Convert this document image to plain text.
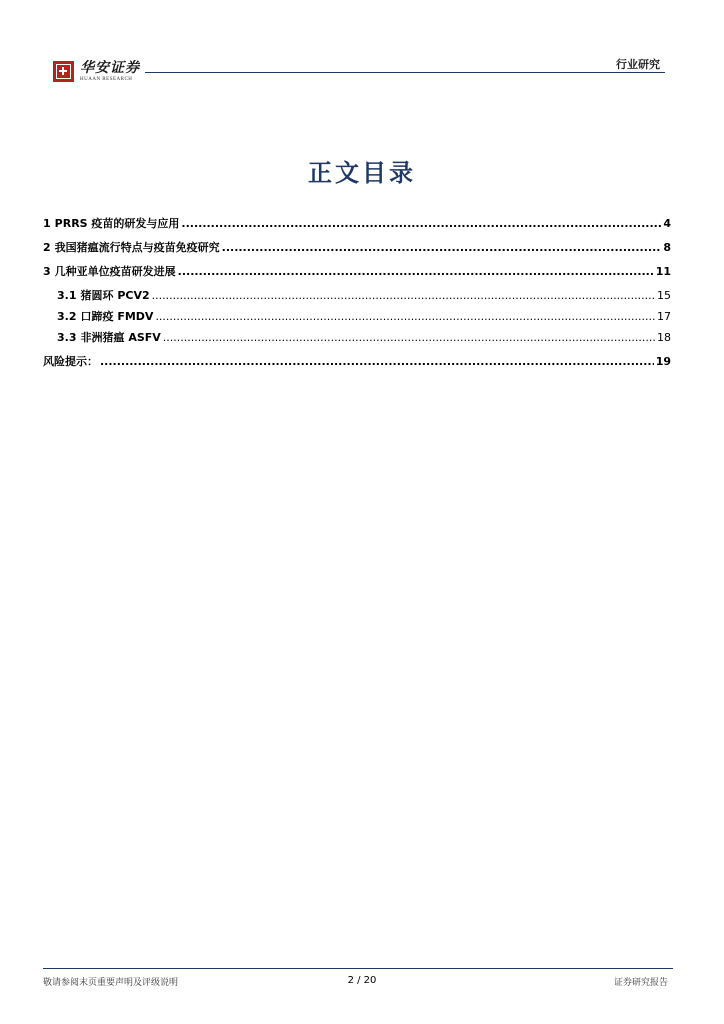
华安证券
HUAAN RESEARCH
行业研究
正文目录
1 PRRS 疫苗的研发与应用 .....	4
2 我国猪瘟流行特点与疫苗免疫研究 .....	8
3 几种亚单位疫苗研发进展 .....	11
3.1 猪圆环 PCV2 .....	15
3.2 口蹄疫 FMDV .....	17
3.3 非洲猪瘟 ASFV .....	18
风险提示： .....	19
敬请参阅末页重要声明及评级说明	2 / 20	证券研究报告
